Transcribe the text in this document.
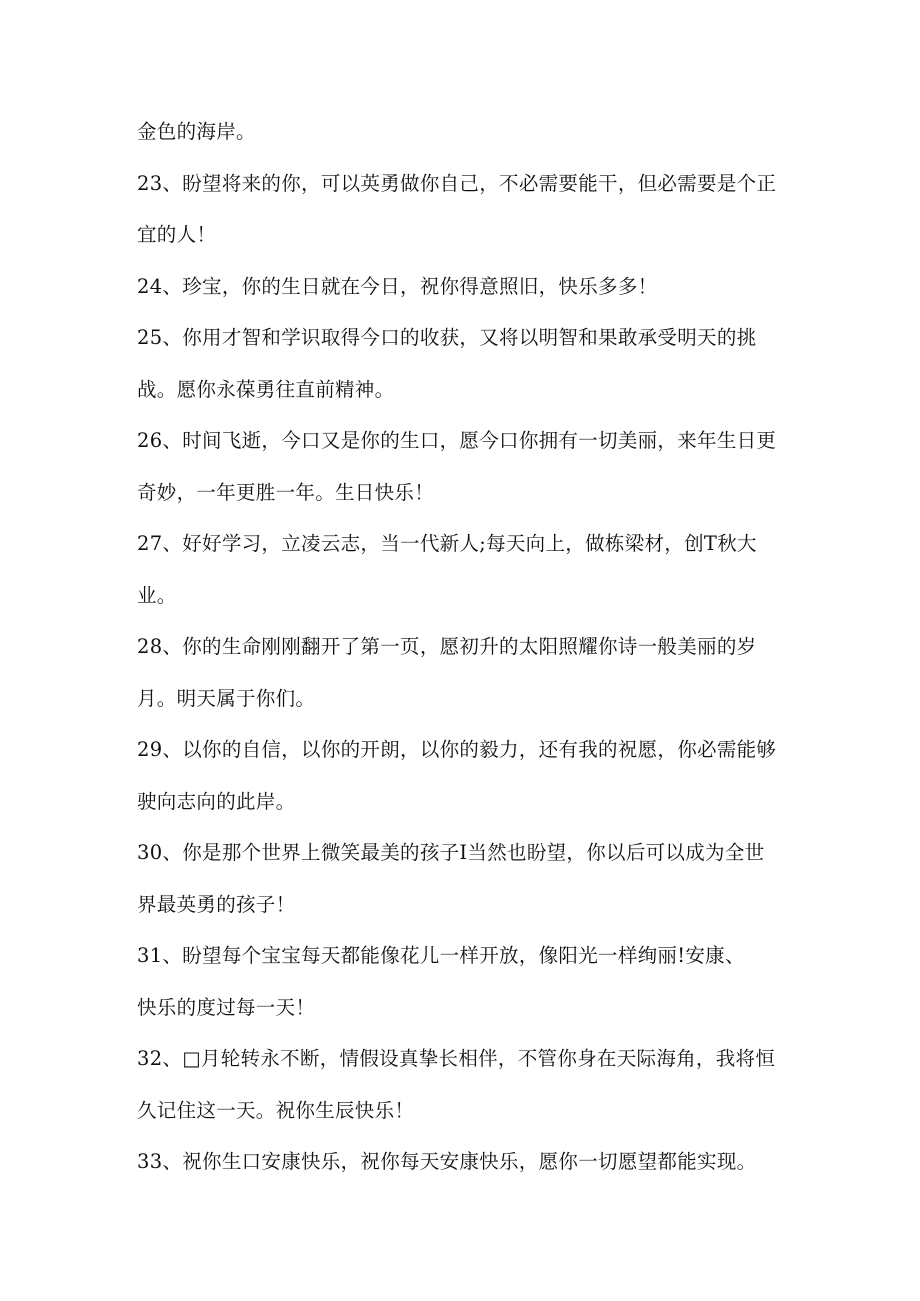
金色的海岸。
23、盼望将来的你，可以英勇做你自己，不必需要能干，但必需要是个正
宜的人！
24、珍宝，你的生日就在今日，祝你得意照旧，快乐多多！
25、你用才智和学识取得今口的收获，又将以明智和果敢承受明天的挑
战。愿你永葆勇往直前精神。
26、时间飞逝，今口又是你的生口，愿今口你拥有一切美丽，来年生日更
奇妙，一年更胜一年。生日快乐！
27、好好学习，立凌云志，当一代新人;每天向上，做栋梁材，创T秋大
业。
28、你的生命刚刚翻开了第一页，愿初升的太阳照耀你诗一般美丽的岁
月。明天属于你们。
29、以你的自信，以你的开朗，以你的毅力，还有我的祝愿，你必需能够
驶向志向的此岸。
30、你是那个世界上微笑最美的孩子I当然也盼望，你以后可以成为全世
界最英勇的孩子！
31、盼望每个宝宝每天都能像花儿一样开放，像阳光一样绚丽!安康、
快乐的度过每一天！
32、□月轮转永不断，情假设真挚长相伴，不管你身在天际海角，我将恒
久记住这一天。祝你生辰快乐！
33、祝你生口安康快乐，祝你每天安康快乐，愿你一切愿望都能实现。
